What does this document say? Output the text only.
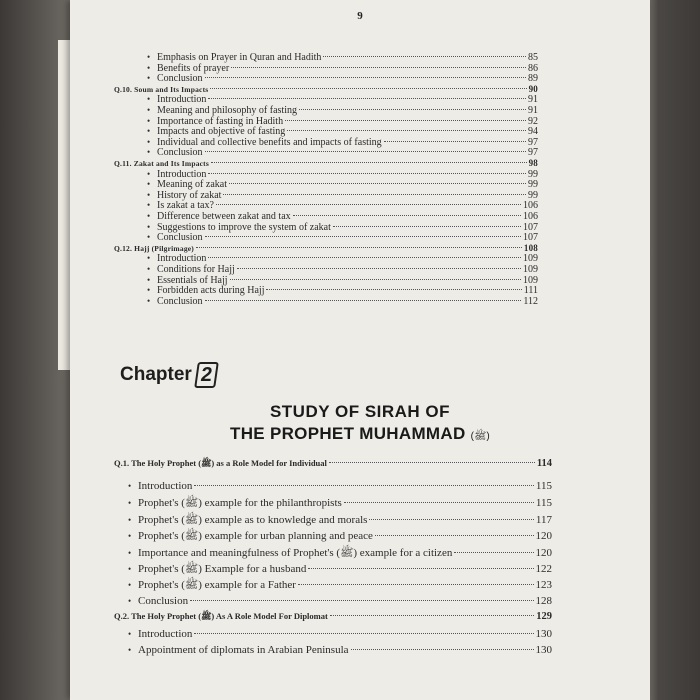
9
Chapter 2
STUDY OF SIRAH OF
THE PROPHET MUHAMMAD (ﷺ)
• Emphasis on Prayer in Quran and Hadith	85
• Benefits of prayer	86
• Conclusion	89
Q.10. Soum and Its Impacts	90
• Introduction	91
• Meaning and philosophy of fasting	91
• Importance of fasting in Hadith	92
• Impacts and objective of fasting	94
• Individual and collective benefits and impacts of fasting	97
• Conclusion	97
Q.11. Zakat and Its Impacts	98
• Introduction	99
• Meaning of zakat	99
• History of zakat	99
• Is zakat a tax?	106
• Difference between zakat and tax	106
• Suggestions to improve the system of zakat	107
• Conclusion	107
Q.12. Hajj (Pilgrimage)	108
• Introduction	109
• Conditions for Hajj	109
• Essentials of Hajj	109
• Forbidden acts during Hajj	111
• Conclusion	112
Q.1. The Holy Prophet (ﷺ) as a Role Model for Individual	114
• Introduction	115
• Prophet's (ﷺ) example for the philanthropists	115
• Prophet's (ﷺ) example as to knowledge and morals	117
• Prophet's (ﷺ) example for urban planning and peace	120
• Importance and meaningfulness of Prophet's (ﷺ) example for a citizen	120
• Prophet's (ﷺ) Example for a husband	122
• Prophet's (ﷺ) example for a Father	123
• Conclusion	128
Q.2. The Holy Prophet (ﷺ) As A Role Model For Diplomat	129
• Introduction	130
• Appointment of diplomats in Arabian Peninsula	130
